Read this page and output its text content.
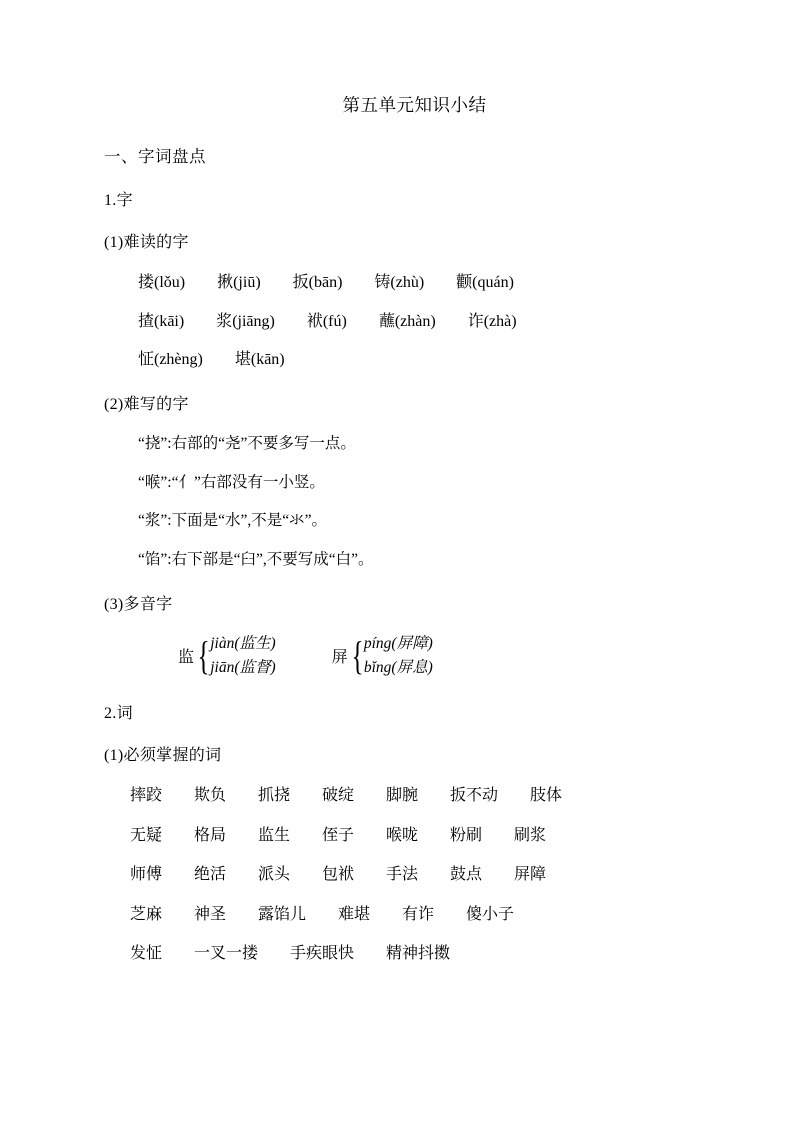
第五单元知识小结
一、字词盘点
1.字
(1)难读的字
搂(lǒu)　　揪(jiū)　　扳(bān)　　铸(zhù)　　颧(quán)
揸(kāi)　　浆(jiāng)　　袱(fú)　　蘸(zhàn)　　诈(zhà)
怔(zhèng)　　堪(kān)
(2)难写的字
“挠”:右部的“尧”不要多写一点。
“喉”:“亻”右部没有一小竖。
“浆”:下面是“水”,不是“氺”。
“馅”:右下部是“臼”,不要写成“白”。
(3)多音字
监 { jiàn(监生)
jiān(监督)
屏 { píng(屏障)
bǐng(屏息)
2.词
(1)必须掌握的词
摔跤　　欺负　　抓挠　　破绽　　脚腕　　扳不动　　肢体
无疑　　格局　　监生　　侄子　　喉咙　　粉刷　　刷浆
师傅　　绝活　　派头　　包袱　　手法　　鼓点　　屏障
芝麻　　神圣　　露馅儿　　难堪　　有诈　　傻小子
发怔　　一叉一搂　　手疾眼快　　精神抖擞
